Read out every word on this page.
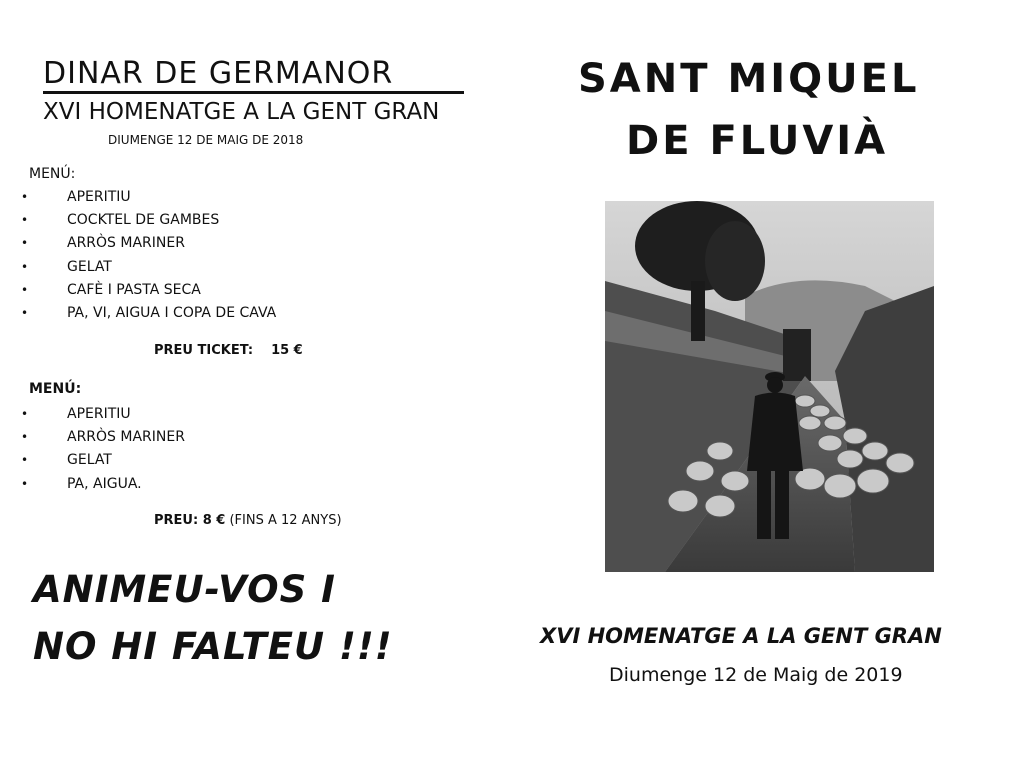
DINAR DE GERMANOR
XVI HOMENATGE A LA GENT GRAN
DIUMENGE 12 DE MAIG DE 2018
MENÚ:
•	APERITIU
•	COCKTEL DE GAMBES
•	ARRÒS MARINER
•	GELAT
•	CAFÈ I PASTA SECA
•	PA, VI, AIGUA I COPA DE CAVA
PREU TICKET: 15 €
MENÚ:
•	APERITIU
•	ARRÒS MARINER
•	GELAT
•	PA, AIGUA.
PREU: 8 € (FINS A 12 ANYS)
ANIMEU-VOS I
NO HI FALTEU !!!
SANT MIQUEL
DE FLUVIÀ
XVI HOMENATGE A LA GENT GRAN
Diumenge 12 de Maig de 2019
